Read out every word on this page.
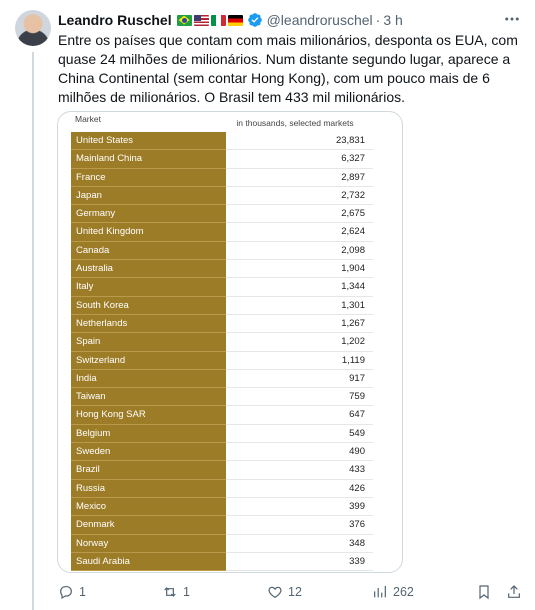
Leandro Ruschel	@leandroruschel · 3 h

Entre os países que contam com mais milionários, desponta os EUA, com quase 24 milhões de milionários. Num distante segundo lugar, aparece a China Continental (sem contar Hong Kong), com um pouco mais de 6 milhões de milionários. O Brasil tem 433 mil milionários.

Market	in thousands, selected markets
United States	23,831
Mainland China	6,327
France	2,897
Japan	2,732
Germany	2,675
United Kingdom	2,624
Canada	2,098
Australia	1,904
Italy	1,344
South Korea	1,301
Netherlands	1,267
Spain	1,202
Switzerland	1,119
India	917
Taiwan	759
Hong Kong SAR	647
Belgium	549
Sweden	490
Brazil	433
Russia	426
Mexico	399
Denmark	376
Norway	348
Saudi Arabia	339
1	1	12	262
